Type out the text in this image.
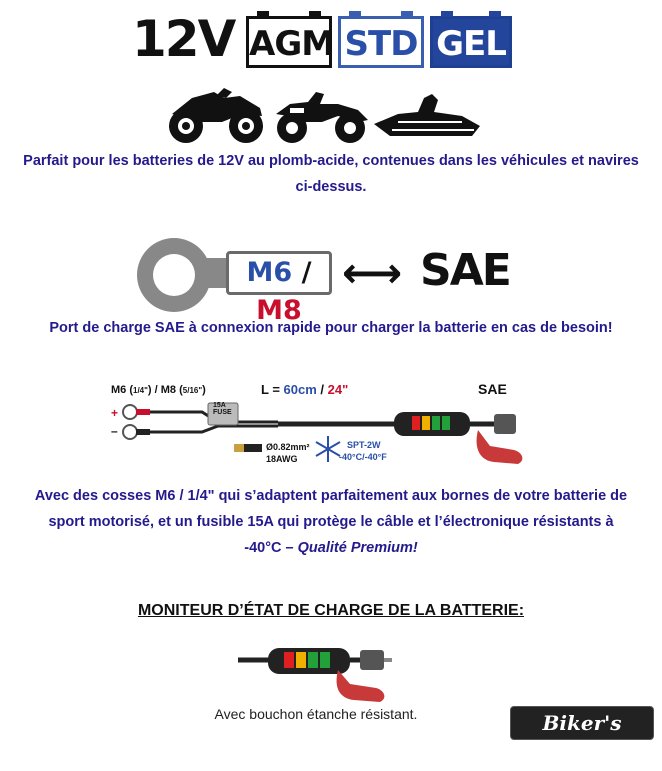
12V AGM STD GEL
Parfait pour les batteries de 12V au plomb-acide, contenues dans les véhicules et navires ci-dessus.
M6 / M8
⟷ SAE
Port de charge SAE à connexion rapide pour charger la batterie en cas de besoin!
M6 (1/4") / M8 (5/16")	L = 60cm / 24"	SAE
+
–
15A
FUSE
Ø0.82mm²
18AWG
SPT-2W
-40°C/-40°F
Avec des cosses M6 / 1/4" qui s’adaptent parfaitement aux bornes de votre batterie de
sport motorisé, et un fusible 15A qui protège le câble et l’électronique résistants à
-40°C – Qualité Premium!
MONITEUR D’ÉTAT DE CHARGE DE LA BATTERIE:
Avec bouchon étanche résistant.	Biker's Store
